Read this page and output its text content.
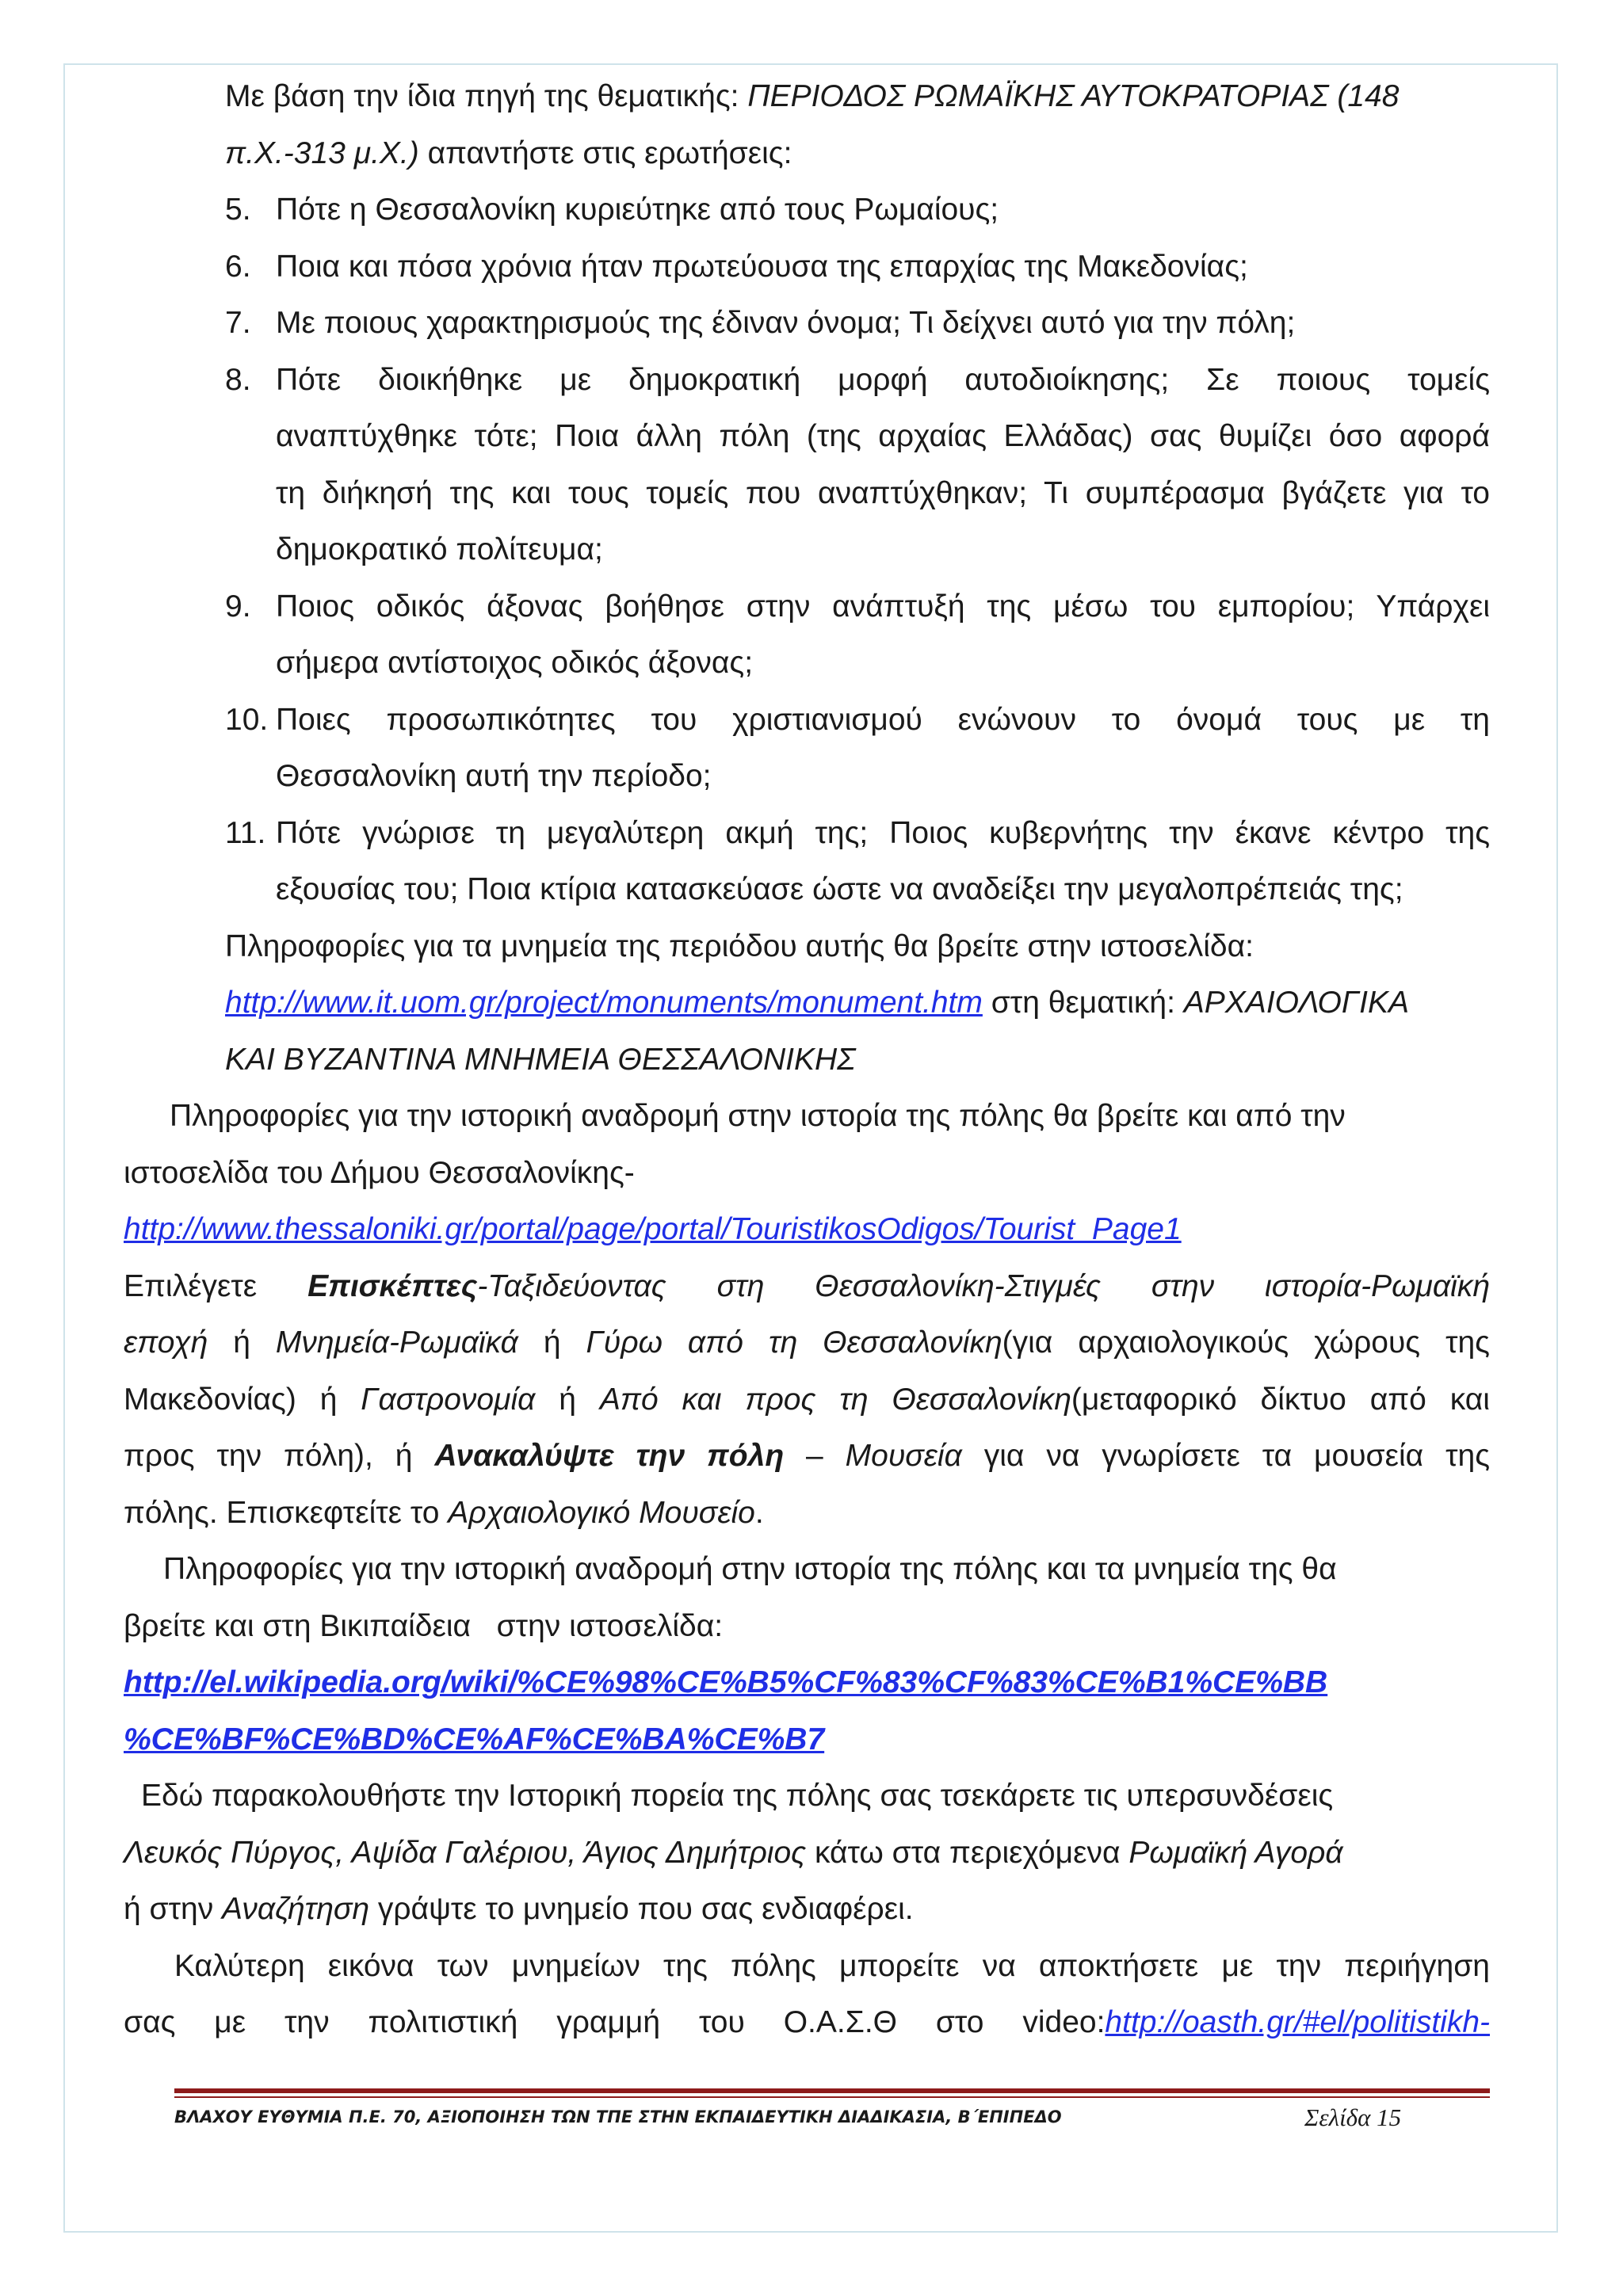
Με βάση την ίδια πηγή της θεματικής: ΠΕΡΙΟΔΟΣ ΡΩΜΑΪΚΗΣ ΑΥΤΟΚΡΑΤΟΡΙΑΣ (148
π.Χ.-313 μ.Χ.) απαντήστε στις ερωτήσεις:
5. Πότε η Θεσσαλονίκη κυριεύτηκε από τους Ρωμαίους;
6. Ποια και πόσα χρόνια ήταν πρωτεύουσα της επαρχίας της Μακεδονίας;
7. Με ποιους χαρακτηρισμούς της έδιναν όνομα; Τι δείχνει αυτό για την πόλη;
8. Πότε διοικήθηκε με δημοκρατική μορφή αυτοδιοίκησης; Σε ποιους τομείς
αναπτύχθηκε τότε; Ποια άλλη πόλη (της αρχαίας Ελλάδας) σας θυμίζει όσο αφορά
τη διήκησή της και τους τομείς που αναπτύχθηκαν; Τι συμπέρασμα βγάζετε για το
δημοκρατικό πολίτευμα;
9. Ποιος οδικός άξονας βοήθησε στην ανάπτυξή της μέσω του εμπορίου; Υπάρχει
σήμερα αντίστοιχος οδικός άξονας;
10. Ποιες προσωπικότητες του χριστιανισμού ενώνουν το όνομά τους με τη
Θεσσαλονίκη αυτή την περίοδο;
11. Πότε γνώρισε τη μεγαλύτερη ακμή της; Ποιος κυβερνήτης την έκανε κέντρο της
εξουσίας του; Ποια κτίρια κατασκεύασε ώστε να αναδείξει την μεγαλοπρέπειάς της;
Πληροφορίες για τα μνημεία της περιόδου αυτής θα βρείτε στην ιστοσελίδα:
http://www.it.uom.gr/project/monuments/monument.htm στη θεματική: ΑΡΧΑΙΟΛΟΓΙΚΑ
ΚΑΙ ΒΥΖΑΝΤΙΝΑ ΜΝΗΜΕΙΑ ΘΕΣΣΑΛΟΝΙΚΗΣ
Πληροφορίες για την ιστορική αναδρομή στην ιστορία της πόλης θα βρείτε και από την
ιστοσελίδα του Δήμου Θεσσαλονίκης-
http://www.thessaloniki.gr/portal/page/portal/TouristikosOdigos/Tourist_Page1
Επιλέγετε Επισκέπτες-Ταξιδεύοντας στη Θεσσαλονίκη-Στιγμές στην ιστορία-Ρωμαϊκή
εποχή ή Μνημεία-Ρωμαϊκά ή Γύρω από τη Θεσσαλονίκη(για αρχαιολογικούς χώρους της
Μακεδονίας) ή Γαστρονομία ή Από και προς τη Θεσσαλονίκη(μεταφορικό δίκτυο από και
προς την πόλη), ή Ανακαλύψτε την πόλη – Μουσεία για να γνωρίσετε τα μουσεία της
πόλης. Επισκεφτείτε το Αρχαιολογικό Μουσείο.
Πληροφορίες για την ιστορική αναδρομή στην ιστορία της πόλης και τα μνημεία της θα
βρείτε και στη Βικιπαίδεια   στην ιστοσελίδα:
http://el.wikipedia.org/wiki/%CE%98%CE%B5%CF%83%CF%83%CE%B1%CE%BB
%CE%BF%CE%BD%CE%AF%CE%BA%CE%B7
Εδώ παρακολουθήστε την Ιστορική πορεία της πόλης σας τσεκάρετε τις υπερσυνδέσεις
Λευκός Πύργος, Αψίδα Γαλέριου, Άγιος Δημήτριος κάτω στα περιεχόμενα Ρωμαϊκή Αγορά
ή στην Αναζήτηση γράψτε το μνημείο που σας ενδιαφέρει.
Καλύτερη εικόνα των μνημείων της πόλης μπορείτε να αποκτήσετε με την περιήγηση
σας με την πολιτιστική γραμμή του Ο.Α.Σ.Θ στο video:http://oasth.gr/#el/politistikh-
ΒΛΑΧΟΥ ΕΥΘΥΜΙΑ Π.Ε. 70, ΑΞΙΟΠΟΙΗΣΗ ΤΩΝ ΤΠΕ ΣΤΗΝ ΕΚΠΑΙΔΕΥΤΙΚΗ ΔΙΑΔΙΚΑΣΙΑ, Β΄ΕΠΙΠΕΔΟ	Σελίδα 15
